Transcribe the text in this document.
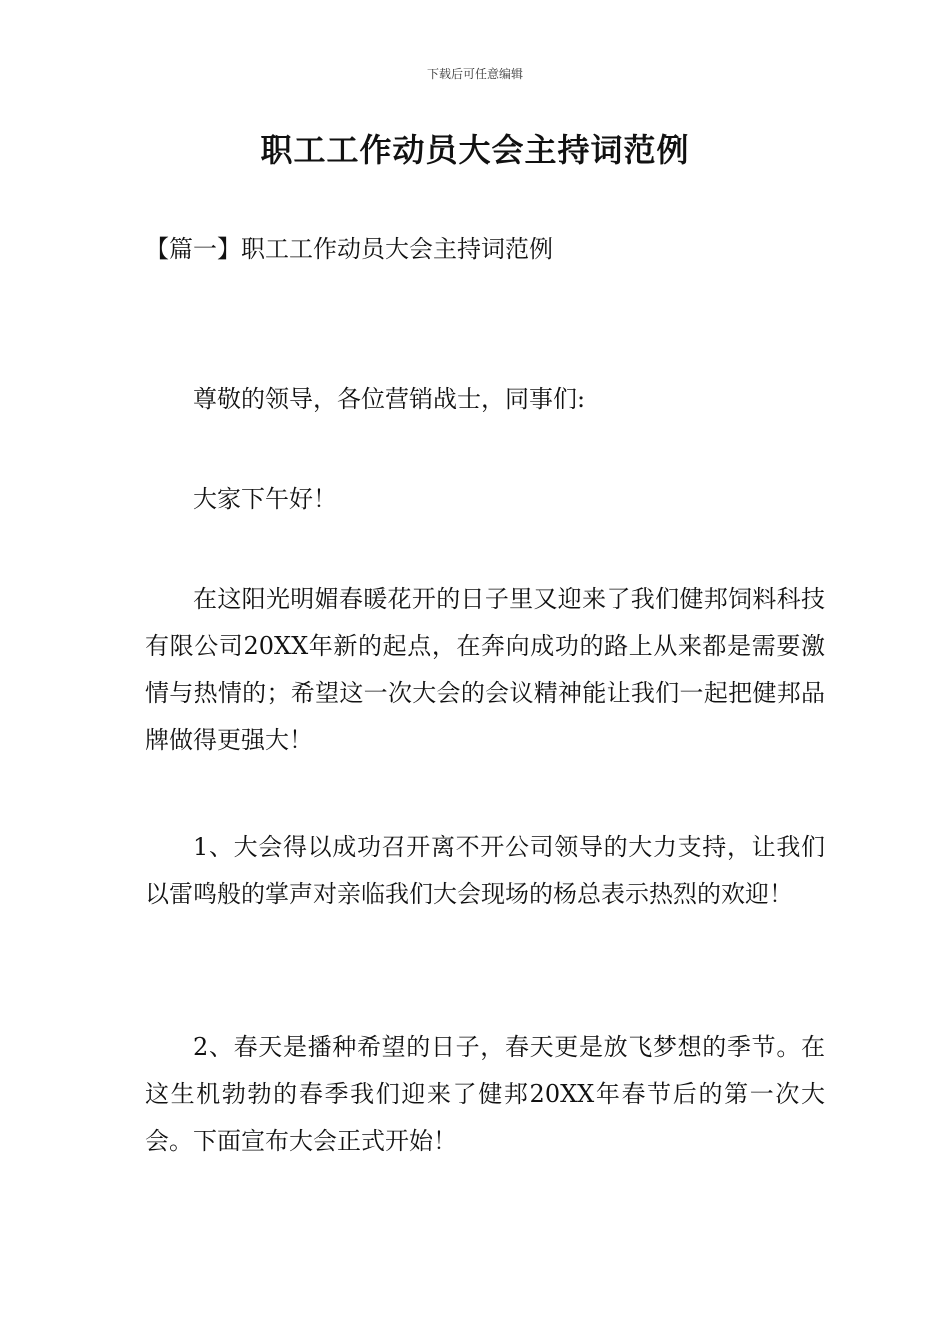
下载后可任意编辑
职工工作动员大会主持词范例
【篇一】职工工作动员大会主持词范例

尊敬的领导，各位营销战士，同事们:

大家下午好！

在这阳光明媚春暖花开的日子里又迎来了我们健邦饲料科技有限公司20XX年新的起点，在奔向成功的路上从来都是需要激情与热情的；希望这一次大会的会议精神能让我们一起把健邦品牌做得更强大！

1、大会得以成功召开离不开公司领导的大力支持，让我们以雷鸣般的掌声对亲临我们大会现场的杨总表示热烈的欢迎！

2、春天是播种希望的日子，春天更是放飞梦想的季节。在这生机勃勃的春季我们迎来了健邦20XX年春节后的第一次大会。下面宣布大会正式开始！
